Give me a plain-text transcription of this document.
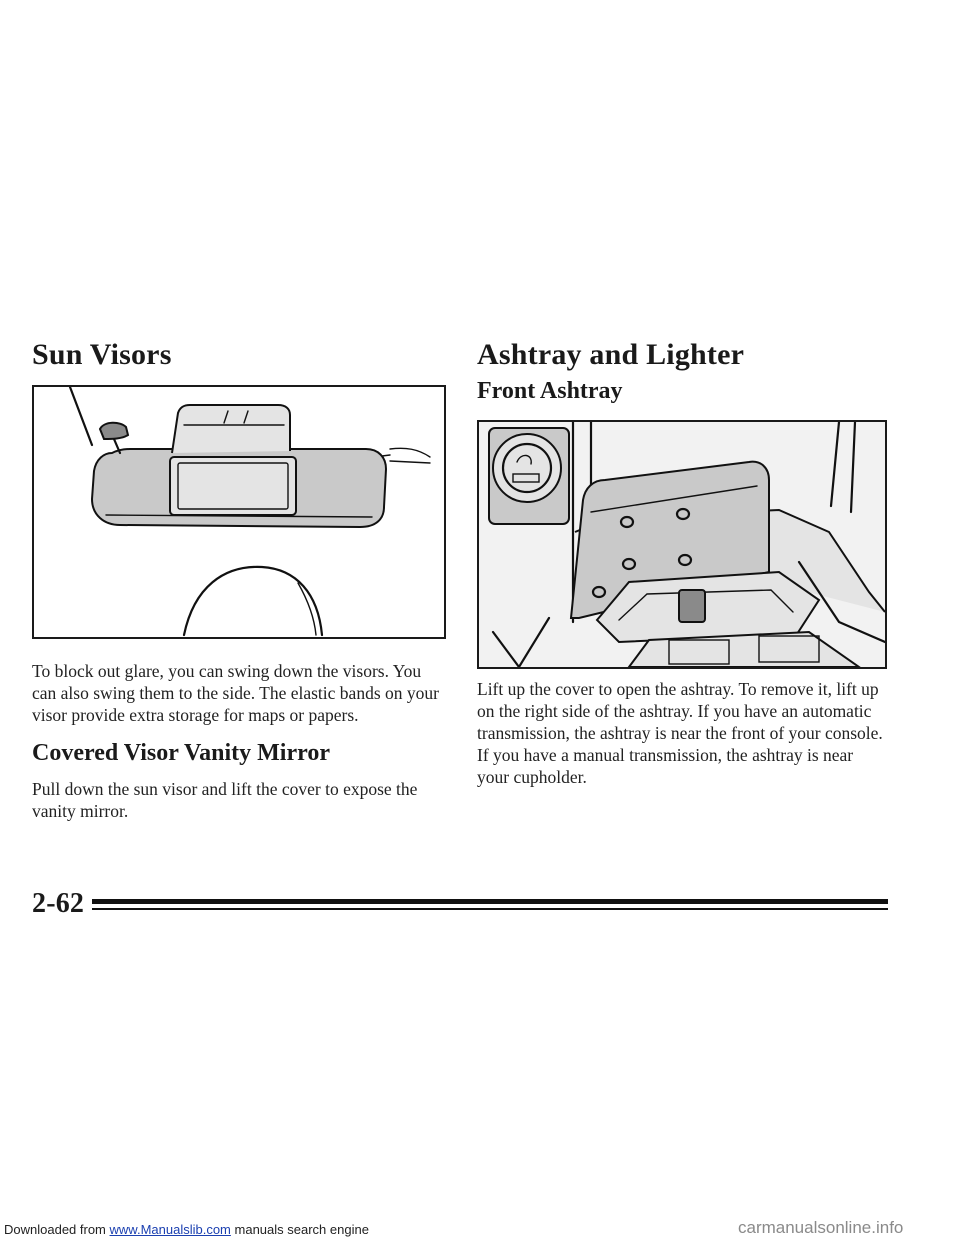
Sun Visors
To block out glare, you can swing down the visors. You can also swing them to the side. The elastic bands on your visor provide extra storage for maps or papers.
Covered Visor Vanity Mirror
Pull down the sun visor and lift the cover to expose the vanity mirror.
Ashtray and Lighter
Front Ashtray
Lift up the cover to open the ashtray. To remove it, lift up on the right side of the ashtray. If you have an automatic transmission, the ashtray is near the front of your console. If you have a manual transmission, the ashtray is near your cupholder.
2-62
Downloaded from www.Manualslib.com manuals search engine	carmanualsonline.info
